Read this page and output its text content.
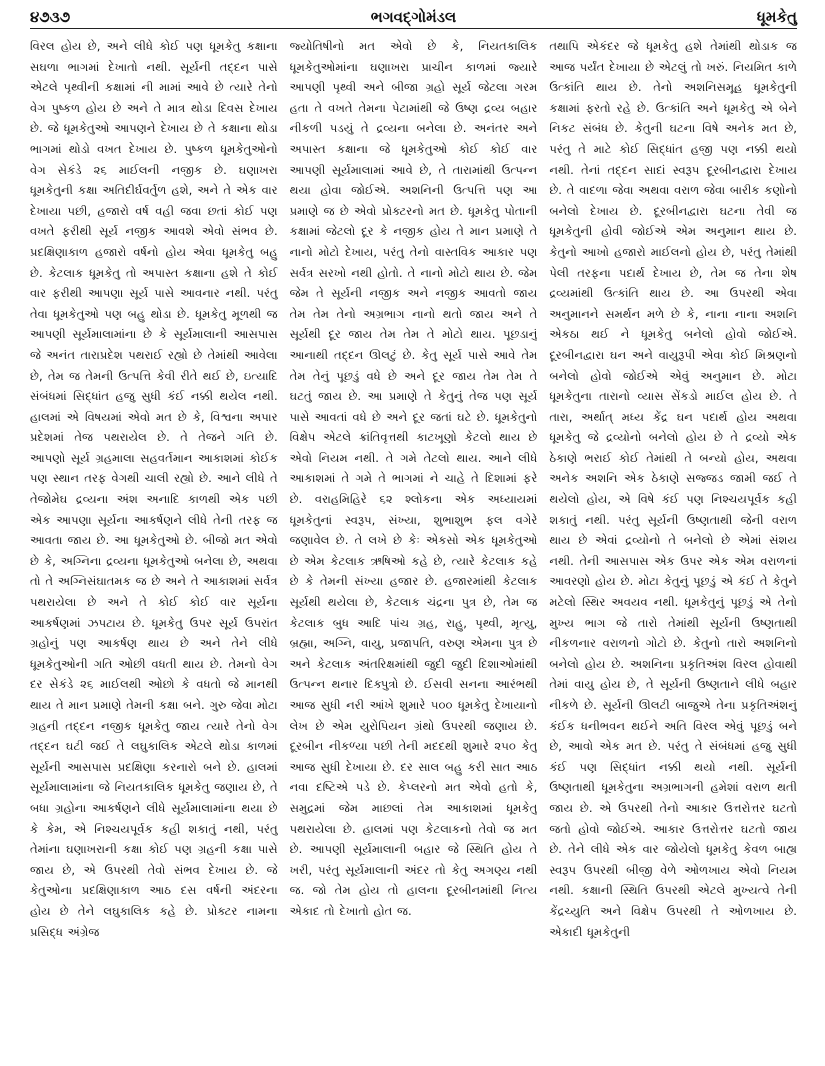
૪૭૩૭	ભગવદ્ગોમંડલ	ધૂમકેતુ

વિરલ હોય છે, અને લીધે કોઈ પણ ધૂમકેતુ કક્ષાના સઘળા ભાગમાં દેખાતો નથી. સૂર્યની તદ્દન પાસે એટલે પૃથ્વીની કક્ષામાં ની મામાં આવે છે ત્યારે તેનો વેગ પુષ્કળ હોય છે અને તે માત્ર થોડા દિવસ દેખાય છે. જે ધૂમકેતુઓ આપણને દેખાય છે તે કક્ષાના થોડા ભાગમાં થોડો વખત દેખાય છે. પુષ્કળ ધૂમકેતુઓનો વેગ સેકંડે ૨૬ માઈલની નજીક છે. ઘણાખરા ધૂમકેતુની કક્ષા અતિદીર્ઘવર્તુળ હશે, અને તે એક વાર દેખાયા પછી, હજારો વર્ષ વહી જવા છતાં કોઈ પણ વખતે ફરીથી સૂર્ય નજીક આવશે એવો સંભવ છે. પ્રદક્ષિણાકાળ હજારો વર્ષનો હોય એવા ધૂમકેતુ બહુ છે. કેટલાક ધૂમકેતુ તો અપાસ્ત કક્ષાના હશે તે કોઈ વાર ફરીથી આપણા સૂર્ય પાસે આવનાર નથી. પરંતુ તેવા ધૂમકેતુઓ પણ બહુ થોડા છે. ધૂમકેતુ મૂળથી જ આપણી સૂર્યમાલામાંના છે કે સૂર્યમાલાની આસપાસ જે અનંત તારાપ્રદેશ પથરાઈ રહ્યો છે તેમાંથી આવેલા છે, તેમ જ તેમની ઉત્પત્તિ કેવી રીતે થઈ છે, ઇત્યાદિ સંબંધમાં સિદ્ધાંત હજુ સુધી કંઈ નક્કી થયેલ નથી. હાલમાં એ વિષયમાં એવો મત છે કે, વિશ્વના અપાર પ્રદેશમાં તેજ પથરાયેલ છે. તે તેજને ગતિ છે. આપણો સૂર્ય ગ્રહમાલા સહવર્તમાન આકાશમાં કોઈક પણ સ્થાન તરફ વેગથી ચાલી રહ્યો છે. આને લીધે તે તેજોમેઘ દ્રવ્યના અંશ અનાદિ કાળથી એક પછી એક આપણા સૂર્યના આકર્ષણને લીધે તેની તરફ જ આવતા જાય છે. આ ધૂમકેતુઓ છે. બીજો મત એવો છે કે, અગ્નિના દ્રવ્યના ધૂમકેતુઓ બનેલા છે, અથવા તો તે અગ્નિસંઘાતમક જ છે અને તે આકાશમાં સર્વત્ર પથરાયેલા છે અને તે કોઈ કોઈ વાર સૂર્યના આકર્ષણમાં ઝપટાય છે. ધૂમકેતુ ઉપર સૂર્ય ઉપરાંત ગ્રહોનું પણ આકર્ષણ થાય છે અને તેને લીધે ધૂમકેતુઓની ગતિ ઓછી વધતી થાય છે. તેમનો વેગ દર સેકંડે ૨૬ માઈલથી ઓછો કે વધતો જે માનથી થાય તે માન પ્રમાણે તેમની કક્ષા બને. ગુરુ જેવા મોટા ગ્રહની તદ્દન નજીક ધૂમકેતુ જાય ત્યારે તેનો વેગ તદ્દન ઘટી જઈ તે લઘુકાલિક એટલે થોડા કાળમાં સૂર્યની આસપાસ પ્રદક્ષિણા કરનારો બને છે. હાલમાં સૂર્યમાલામાંના જે નિયતકાલિક ધૂમકેતુ જણાય છે, તે બધા ગ્રહોના આકર્ષણને લીધે સૂર્યમાલામાંના થયા છે કે કેમ, એ નિશ્ચયપૂર્વક કહી શકાતું નથી, પરંતુ તેમાંના ઘણાખરાની કક્ષા કોઈ પણ ગ્રહની કક્ષા પાસે જાય છે, એ ઉપરથી તેવો સંભવ દેખાય છે. જે કેતુઓના પ્રદક્ષિણાકાળ આઠ દસ વર્ષની અંદરના હોય છે તેને લઘુકાલિક કહે છે. પ્રોક્ટર નામના પ્રસિદ્ધ અંગ્રેજ

જ્યોતિષીનો મત એવો છે કે, નિયતકાલિક ધૂમકેતુઓમાંના ઘણાખરા પ્રાચીન કાળમાં જ્યારે આપણી પૃથ્વી અને બીજા ગ્રહો સૂર્ય જેટલા ગરમ હતા તે વખતે તેમના પેટામાંથી જે ઉષ્ણ દ્રવ્ય બહાર નીકળી પડયું તે દ્રવ્યના બનેલા છે. અનંતર અને અપાસ્ત કક્ષાના જે ધૂમકેતુઓ કોઈ કોઈ વાર આપણી સૂર્યમાલામાં આવે છે, તે તારામાંથી ઉત્પન્ન થયા હોવા જોઈએ. અશનિની ઉત્પત્તિ પણ આ પ્રમાણે જ છે એવો પ્રોક્ટરનો મત છે. ધૂમકેતુ પોતાની કક્ષામાં જેટલો દૂર કે નજીક હોય તે માન પ્રમાણે તે નાનો મોટો દેખાય, પરંતુ તેનો વાસ્તવિક આકાર પણ સર્વત્ર સરખો નથી હોતો. તે નાનો મોટો થાય છે. જેમ જેમ તે સૂર્યની નજીક અને નજીક આવતો જાય તેમ તેમ તેનો અગ્રભાગ નાનો થતો જાય અને તે સૂર્યથી દૂર જાય તેમ તેમ તે મોટો થાય. પૂછડાનું આનાથી તદ્દન ઊલટું છે. કેતુ સૂર્ય પાસે આવે તેમ તેમ તેનું પૂછડું વધે છે અને દૂર જાય તેમ તેમ તે ઘટતું જાય છે. આ પ્રમાણે તે કેતુનું તેજ પણ સૂર્ય પાસે આવતાં વધે છે અને દૂર જતાં ઘટે છે. ધૂમકેતુનો વિક્ષેપ એટલે ક્રાંતિવૃત્તથી કાટખૂણો કેટલો થાય છે એવો નિયમ નથી. તે ગમે તેટલો થાય. આને લીધે આકાશમાં તે ગમે તે ભાગમાં ને ચાહે તે દિશામાં ફરે છે. વરાહમિહિરે ૬૨ શ્લોકના એક અધ્યાયમાં ધૂમકેતુનાં સ્વરૂપ, સંખ્યા, શુભાશુભ ફલ વગેરે જણાવેલ છે. તે લખે છે કેઃ એકસો એક ધૂમકેતુઓ છે એમ કેટલાક ઋષિઓ કહે છે, ત્યારે કેટલાક કહે છે કે તેમની સંખ્યા હજાર છે. હજારમાંથી કેટલાક સૂર્યથી થયેલા છે, કેટલાક ચંદ્રના પુત્ર છે, તેમ જ કેટલાક બુધ આદિ પાંચ ગ્રહ, રાહુ, પૃથ્વી, મૃત્યુ, બ્રહ્મા, અગ્નિ, વાયુ, પ્રજાપતિ, વરુણ એમના પુત્ર છે અને કેટલાક અંતરિક્ષમાંથી જુદી જુદી દિશાઓમાંથી ઉત્પન્ન થનાર દિક્પુત્રો છે. ઈસવી સનના આરંભથી આજ સુધી નરી આંખે શુમારે ૫૦૦ ધૂમકેતુ દેખાયાનો લેખ છે એમ યુરોપિયન ગ્રંથો ઉપરથી જણાય છે. દૂરબીન નીકળ્યા પછી તેની મદદથી શુમારે ૨૫૦ કેતુ આજ સુધી દેખાયા છે. દર સાલ બહુ કરી સાત આઠ નવા દષ્ટિએ પડે છે. કેપ્લરનો મત એવો હતો કે, સમુદ્રમાં જેમ માછલાં તેમ આકાશમાં ધૂમકેતુ પથરાયેલા છે. હાલમાં પણ કેટલાકનો તેવો જ મત છે. આપણી સૂર્યમાલાની બહાર જે સ્થિતિ હોય તે ખરી, પરંતુ સૂર્યમાલાની અંદર તો કેતુ અગણ્ય નથી જ. જો તેમ હોય તો હાલના દૂરબીનમાંથી નિત્ય એકાદ તો દેખાતો હોત જ.

તથાપિ એકંદર જે ધૂમકેતુ હશે તેમાંથી થોડાક જ આજ પર્યંત દેખાયા છે એટલું તો ખરું. નિયમિત કાળે ઉત્કાંતિ થાય છે. તેનો અશનિસમૂહ ધૂમકેતુની કક્ષામાં ફરતો રહે છે. ઉત્કાંતિ અને ધૂમકેતુ એ બેને નિકટ સંબંધ છે. કેતુની ઘટના વિષે અનેક મત છે, પરંતુ તે માટે કોઈ સિદ્ધાંત હજી પણ નક્કી થયો નથી. તેનાં તદ્દન સાદાં સ્વરૂપ દૂરબીનદ્વારા દેખાય છે. તે વાદળા જેવા અથવા વરાળ જેવા બારીક કણોનો બનેલો દેખાય છે. દૂરબીનદ્વારા ઘટના તેવી જ ધૂમકેતુની હોવી જોઈએ એમ અનુમાન થાય છે. કેતુનો આખો હજારો માઈલનો હોય છે, પરંતુ તેમાંથી પેલી તરફના પદાર્થ દેખાય છે, તેમ જ તેના શેષ દ્રવ્યમાંથી ઉત્કાંતિ થાય છે. આ ઉપરથી એવા અનુમાનને સમર્થન મળે છે કે, નાના નાના અશનિ એકઠા થઈ ને ધૂમકેતુ બનેલો હોવો જોઈએ. દૂરબીનદ્વારા ઘન અને વાયુરૂપી એવા કોઈ મિશ્રણનો બનેલો હોવો જોઈએ એવું અનુમાન છે. મોટા ધૂમકેતુના તારાનો વ્યાસ સેંકડો માઈલ હોય છે. તે તારા, અર્થાત્ મધ્ય કેંદ્ર ઘન પદાર્થ હોય અથવા ધૂમકેતુ જે દ્રવ્યોનો બનેલો હોય છે તે દ્રવ્યો એક ઠેકાણે ભરાઈ કોઈ તેમાંથી તે બન્યો હોય, અથવા અનેક અશનિ એક ઠેકાણે સજ્જડ જામી જઈ તે થયેલો હોય, એ વિષે કંઈ પણ નિશ્ચયપૂર્વક કહી શકાતું નથી. પરંતુ સૂર્યની ઉષ્ણતાથી જેની વરાળ થાય છે એવાં દ્રવ્યોનો તે બનેલો છે એમાં સંશય નથી. તેની આસપાસ એક ઉપર એક એમ વરાળનાં આવરણો હોય છે. મોટા કેતુનું પૂછડું એ કંઈ તે કેતુને મટેલો સ્થિર અવયવ નથી. ધૂમકેતુનું પૂછડું એ તેનો મુખ્ય ભાગ જે તારો તેમાંથી સૂર્યની ઉષ્ણતાથી નીકળનાર વરાળનો ગોટો છે. કેતુનો તારો અશનિનો બનેલો હોય છે. અશનિના પ્રકૃતિઅંશ વિરલ હોવાથી તેમાં વાયુ હોય છે, તે સૂર્યની ઉષ્ણતાને લીધે બહાર નીકળે છે. સૂર્યની ઊલટી બાજુએ તેના પ્રકૃતિઅંશનું કંઈક ધનીભવન થઈને અતિ વિરલ એવું પૂછડું બને છે, આવો એક મત છે. પરંતુ તે સંબંધમાં હજુ સુધી કંઈ પણ સિદ્ધાંત નક્કી થયો નથી. સૂર્યની ઉષ્ણતાથી ધૂમકેતુના અગ્રભાગની હમેશાં વરાળ થતી જાય છે. એ ઉપરથી તેનો આકાર ઉત્તરોત્તર ઘટતો જતો હોવો જોઈએ. આકાર ઉત્તરોત્તર ઘટતો જાય છે. તેને લીધે એક વાર જોયેલો ધૂમકેતુ કેવળ બાહ્ય સ્વરૂપ ઉપરથી બીજી વેળે ઓળખાય એવો નિયમ નથી. કક્ષાની સ્થિતિ ઉપરથી એટલે મુખ્યત્વે તેની કેંદ્રચ્યુતિ અને વિક્ષેપ ઉપરથી તે ઓળખાય છે. એકાદી ધૂમકેતુની
